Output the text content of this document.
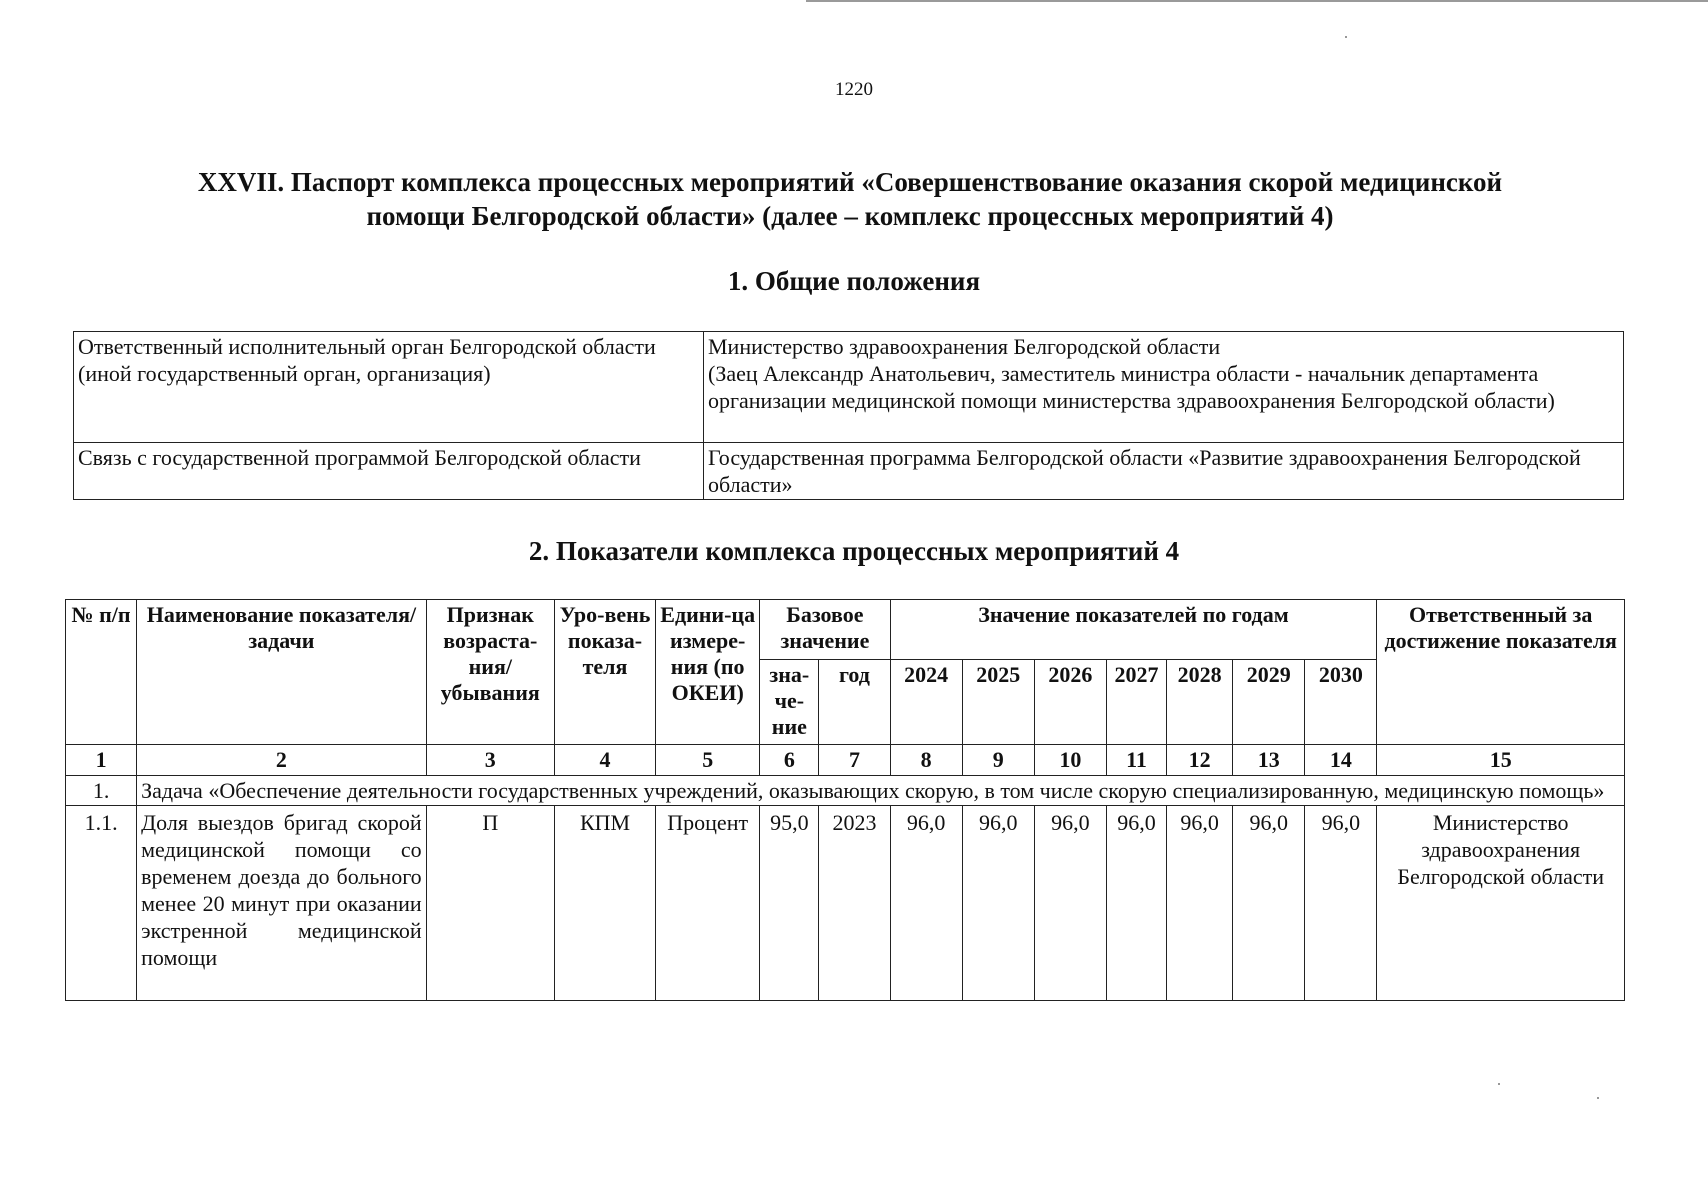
1220
XXVII. Паспорт комплекса процессных мероприятий «Совершенствование оказания скорой медицинской помощи Белгородской области» (далее – комплекс процессных мероприятий 4)
1. Общие положения
Ответственный исполнительный орган Белгородской области (иной государственный орган, организация)	Министерство здравоохранения Белгородской области
(Заец Александр Анатольевич, заместитель министра области - начальник департамента организации медицинской помощи министерства здравоохранения Белгородской области)
Связь с государственной программой Белгородской области	Государственная программа Белгородской области «Развитие здравоохранения Белгородской области»
2. Показатели комплекса процессных мероприятий 4
№ п/п	Наименование показателя/ задачи	Признак возраста-ния/ убывания	Уро-вень показа-теля	Едини-ца измере-ния (по ОКЕИ)	Базовое значение		Значение показателей по годам							Ответственный за достижение показателя
					зна-че-ние	год	2024	2025	2026	2027	2028	2029	2030	
1	2	3	4	5	6	7	8	9	10	11	12	13	14	15
1.	Задача «Обеспечение деятельности государственных учреждений, оказывающих скорую, в том числе скорую специализированную, медицинскую помощь»													
1.1.	Доля выездов бригад скорой медицинской помощи со временем доезда до больного менее 20 минут при оказании экстренной медицинской помощи	П	КПМ	Процент	95,0	2023	96,0	96,0	96,0	96,0	96,0	96,0	96,0	Министерство здравоохранения Белгородской области
